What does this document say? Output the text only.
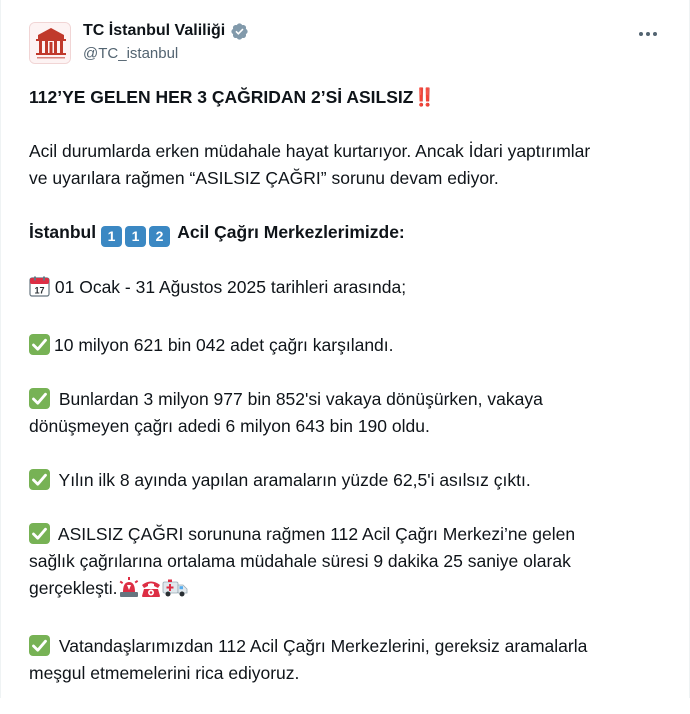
TC İstanbul Valiliği
@TC_istanbul
112’YE GELEN HER 3 ÇAĞRIDAN 2’Sİ ASILSIZ‼️
Acil durumlarda erken müdahale hayat kurtarıyor. Ancak İdari yaptırımlar
ve uyarılara rağmen “ASILSIZ ÇAĞRI” sorunu devam ediyor.
İstanbul 1 1 2 Acil Çağrı Merkezlerimizde:
17 01 Ocak - 31 Ağustos 2025 tarihleri arasında;
10 milyon 621 bin 042 adet çağrı karşılandı.
Bunlardan 3 milyon 977 bin 852'si vakaya dönüşürken, vakaya
dönüşmeyen çağrı adedi 6 milyon 643 bin 190 oldu.
Yılın ilk 8 ayında yapılan aramaların yüzde 62,5'i asılsız çıktı.
ASILSIZ ÇAĞRI sorununa rağmen 112 Acil Çağrı Merkezi’ne gelen
sağlık çağrılarına ortalama müdahale süresi 9 dakika 25 saniye olarak
gerçekleşti.
Vatandaşlarımızdan 112 Acil Çağrı Merkezlerini, gereksiz aramalarla
meşgul etmemelerini rica ediyoruz.
